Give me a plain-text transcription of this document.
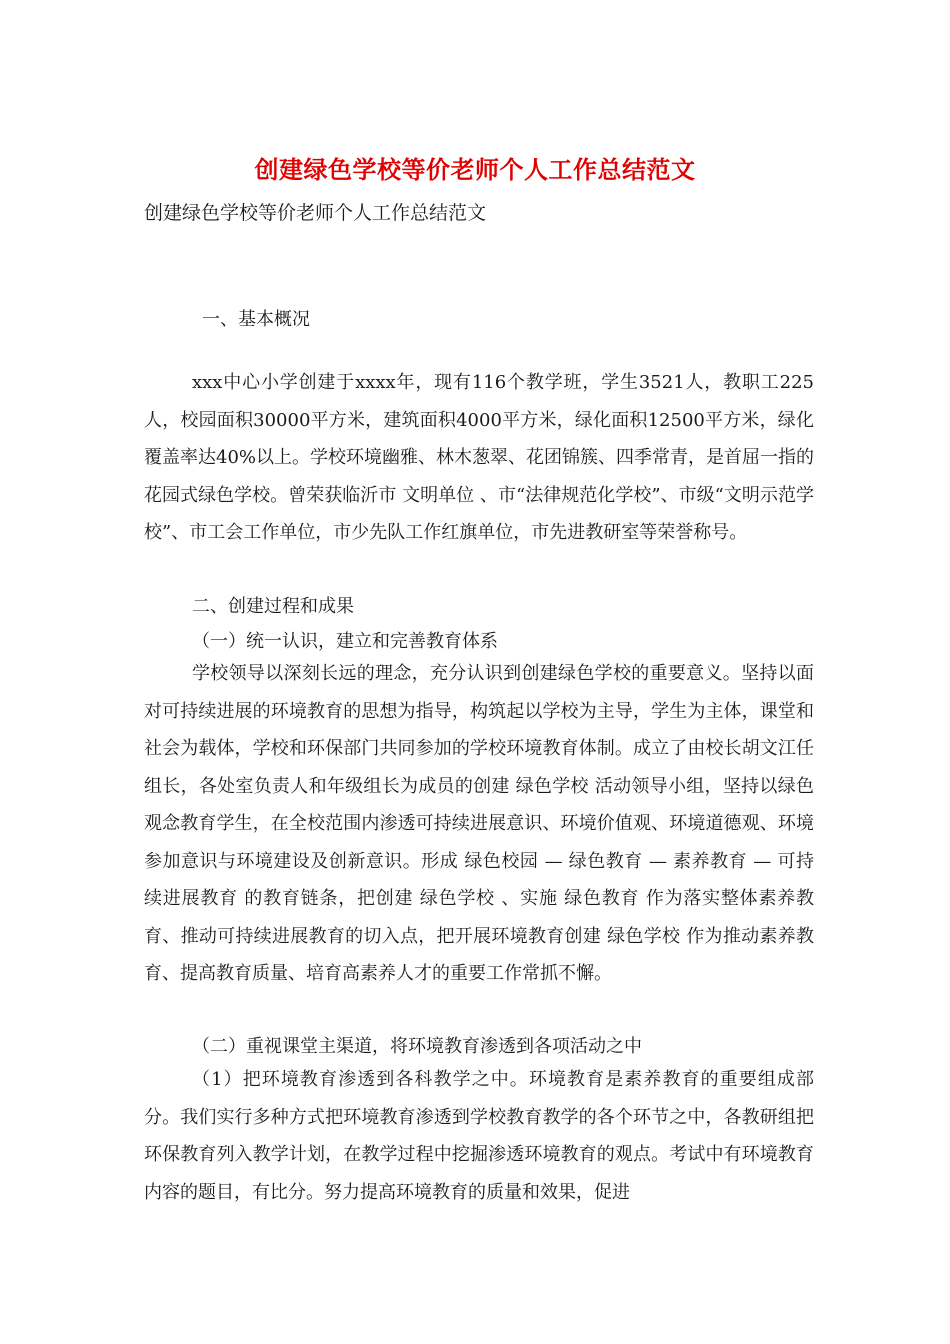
创建绿色学校等价老师个人工作总结范文
创建绿色学校等价老师个人工作总结范文
一、基本概况
xxx中心小学创建于xxxx年，现有116个教学班，学生3521人，教职工225人，校园面积30000平方米，建筑面积4000平方米，绿化面积12500平方米，绿化覆盖率达40%以上。学校环境幽雅、林木葱翠、花团锦簇、四季常青，是首屈一指的花园式绿色学校。曾荣获临沂市 文明单位 、市“法律规范化学校”、市级“文明示范学校”、市工会工作单位，市少先队工作红旗单位，市先进教研室等荣誉称号。
二、创建过程和成果
（一）统一认识，建立和完善教育体系
学校领导以深刻长远的理念，充分认识到创建绿色学校的重要意义。坚持以面对可持续进展的环境教育的思想为指导，构筑起以学校为主导，学生为主体，课堂和社会为载体，学校和环保部门共同参加的学校环境教育体制。成立了由校长胡文江任组长，各处室负责人和年级组长为成员的创建 绿色学校 活动领导小组，坚持以绿色观念教育学生，在全校范围内渗透可持续进展意识、环境价值观、环境道德观、环境参加意识与环境建设及创新意识。形成 绿色校园 — 绿色教育 — 素养教育 — 可持续进展教育 的教育链条，把创建 绿色学校 、实施 绿色教育 作为落实整体素养教育、推动可持续进展教育的切入点，把开展环境教育创建 绿色学校 作为推动素养教育、提高教育质量、培育高素养人才的重要工作常抓不懈。
（二）重视课堂主渠道，将环境教育渗透到各项活动之中
（1）把环境教育渗透到各科教学之中。环境教育是素养教育的重要组成部分。我们实行多种方式把环境教育渗透到学校教育教学的各个环节之中，各教研组把环保教育列入教学计划，在教学过程中挖掘渗透环境教育的观点。考试中有环境教育内容的题目，有比分。努力提高环境教育的质量和效果，促进
